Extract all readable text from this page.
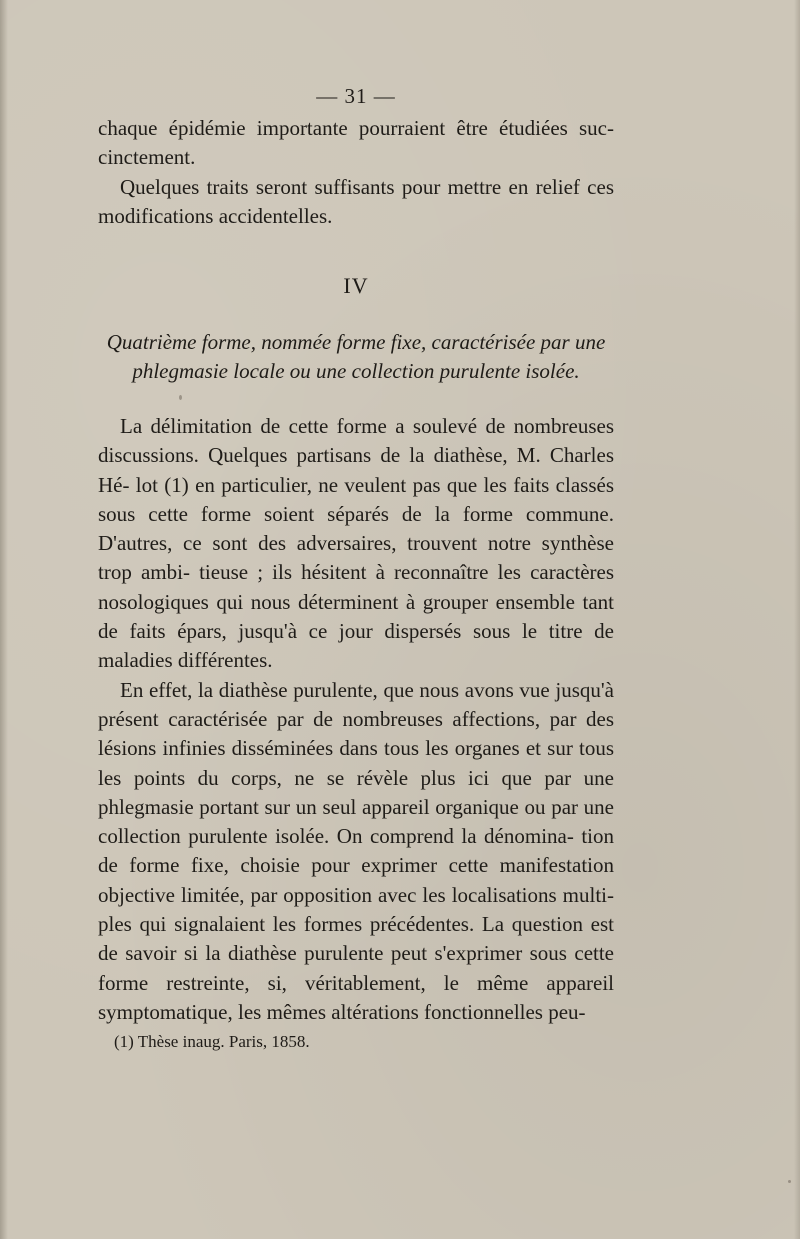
— 31 —

chaque épidémie importante pourraient être étudiées suc- cinctement.

Quelques traits seront suffisants pour mettre en relief ces modifications accidentelles.

IV
Quatrième forme, nommée forme fixe, caractérisée par une phlegmasie locale ou une collection purulente isolée.

La délimitation de cette forme a soulevé de nombreuses discussions. Quelques partisans de la diathèse, M. Charles Hé- lot (1) en particulier, ne veulent pas que les faits classés sous cette forme soient séparés de la forme commune. D'autres, ce sont des adversaires, trouvent notre synthèse trop ambi- tieuse ; ils hésitent à reconnaître les caractères nosologiques qui nous déterminent à grouper ensemble tant de faits épars, jusqu'à ce jour dispersés sous le titre de maladies différentes.

En effet, la diathèse purulente, que nous avons vue jusqu'à présent caractérisée par de nombreuses affections, par des lésions infinies disséminées dans tous les organes et sur tous les points du corps, ne se révèle plus ici que par une phlegmasie portant sur un seul appareil organique ou par une collection purulente isolée. On comprend la dénomina- tion de forme fixe, choisie pour exprimer cette manifestation objective limitée, par opposition avec les localisations multi- ples qui signalaient les formes précédentes. La question est de savoir si la diathèse purulente peut s'exprimer sous cette forme restreinte, si, véritablement, le même appareil symptomatique, les mêmes altérations fonctionnelles peu-

(1) Thèse inaug. Paris, 1858.
